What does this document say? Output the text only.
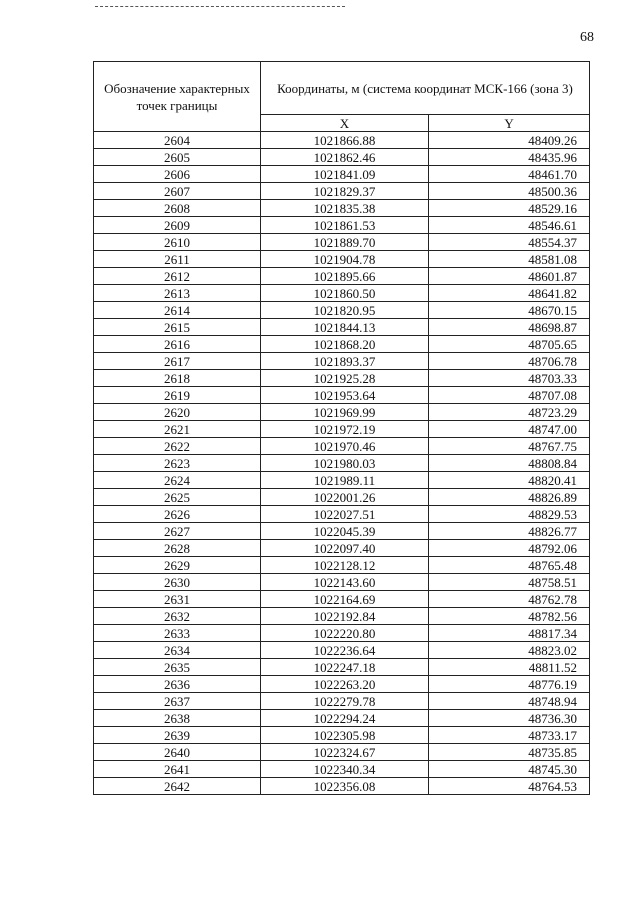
68
Обозначение характерных точек границы	Координаты, м (система координат МСК-166 (зона 3)	
	X	Y
2604	1021866.88	48409.26
2605	1021862.46	48435.96
2606	1021841.09	48461.70
2607	1021829.37	48500.36
2608	1021835.38	48529.16
2609	1021861.53	48546.61
2610	1021889.70	48554.37
2611	1021904.78	48581.08
2612	1021895.66	48601.87
2613	1021860.50	48641.82
2614	1021820.95	48670.15
2615	1021844.13	48698.87
2616	1021868.20	48705.65
2617	1021893.37	48706.78
2618	1021925.28	48703.33
2619	1021953.64	48707.08
2620	1021969.99	48723.29
2621	1021972.19	48747.00
2622	1021970.46	48767.75
2623	1021980.03	48808.84
2624	1021989.11	48820.41
2625	1022001.26	48826.89
2626	1022027.51	48829.53
2627	1022045.39	48826.77
2628	1022097.40	48792.06
2629	1022128.12	48765.48
2630	1022143.60	48758.51
2631	1022164.69	48762.78
2632	1022192.84	48782.56
2633	1022220.80	48817.34
2634	1022236.64	48823.02
2635	1022247.18	48811.52
2636	1022263.20	48776.19
2637	1022279.78	48748.94
2638	1022294.24	48736.30
2639	1022305.98	48733.17
2640	1022324.67	48735.85
2641	1022340.34	48745.30
2642	1022356.08	48764.53
